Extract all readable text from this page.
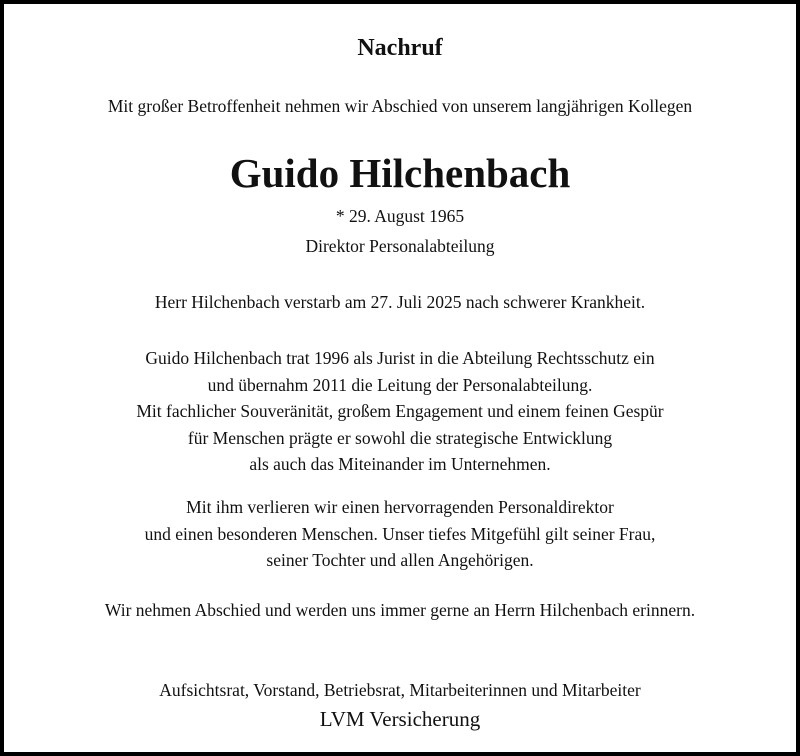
Nachruf

Mit großer Betroffenheit nehmen wir Abschied von unserem langjährigen Kollegen

Guido Hilchenbach

* 29. August 1965

Direktor Personalabteilung

Herr Hilchenbach verstarb am 27. Juli 2025 nach schwerer Krankheit.

Guido Hilchenbach trat 1996 als Jurist in die Abteilung Rechtsschutz ein
und übernahm 2011 die Leitung der Personalabteilung.
Mit fachlicher Souveränität, großem Engagement und einem feinen Gespür
für Menschen prägte er sowohl die strategische Entwicklung
als auch das Miteinander im Unternehmen.
Mit ihm verlieren wir einen hervorragenden Personaldirektor
und einen besonderen Menschen. Unser tiefes Mitgefühl gilt seiner Frau,
seiner Tochter und allen Angehörigen.

Wir nehmen Abschied und werden uns immer gerne an Herrn Hilchenbach erinnern.

Aufsichtsrat, Vorstand, Betriebsrat, Mitarbeiterinnen und Mitarbeiter

LVM Versicherung
